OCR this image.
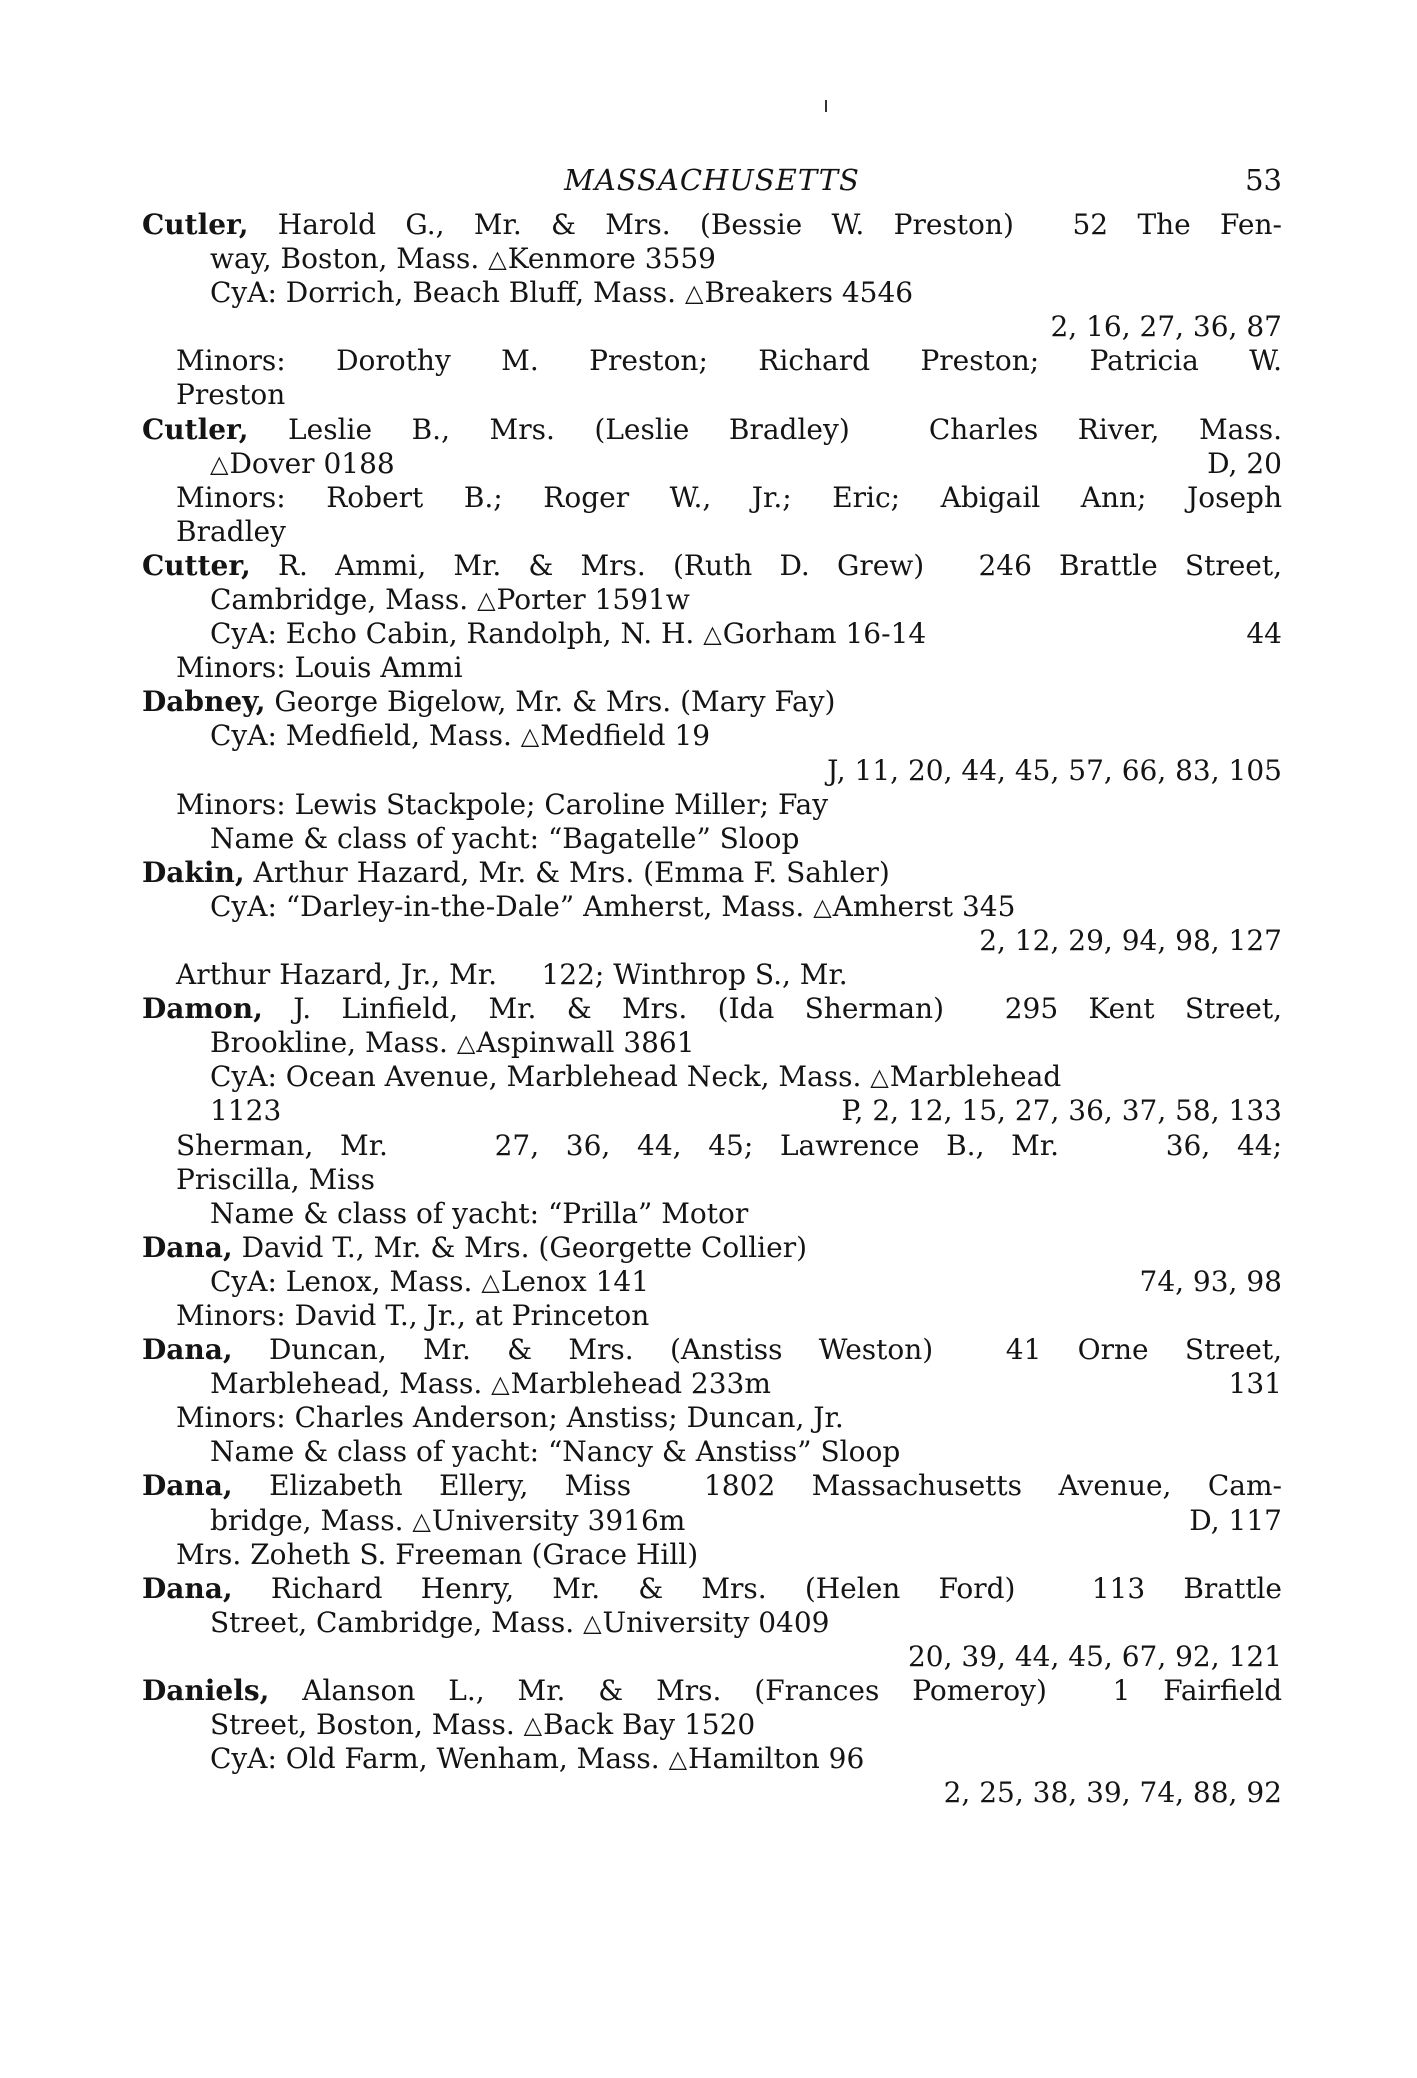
MASSACHUSETTS	53
Cutler, Harold G., Mr. & Mrs. (Bessie W. Preston)  52 The Fen-
way, Boston, Mass. △Kenmore 3559
CyA: Dorrich, Beach Bluff, Mass. △Breakers 4546
2, 16, 27, 36, 87
Minors: Dorothy M. Preston; Richard Preston; Patricia W.
Preston
Cutler, Leslie B., Mrs. (Leslie Bradley)  Charles River, Mass.
△Dover 0188	D, 20
Minors: Robert B.; Roger W., Jr.; Eric; Abigail Ann; Joseph
Bradley
Cutter, R. Ammi, Mr. & Mrs. (Ruth D. Grew)  246 Brattle Street,
Cambridge, Mass. △Porter 1591w
CyA: Echo Cabin, Randolph, N. H. △Gorham 16-14	44
Minors: Louis Ammi
Dabney, George Bigelow, Mr. & Mrs. (Mary Fay)
CyA: Medfield, Mass. △Medfield 19
J, 11, 20, 44, 45, 57, 66, 83, 105
Minors: Lewis Stackpole; Caroline Miller; Fay
Name & class of yacht: “Bagatelle” Sloop
Dakin, Arthur Hazard, Mr. & Mrs. (Emma F. Sahler)
CyA: “Darley-in-the-Dale” Amherst, Mass. △Amherst 345
2, 12, 29, 94, 98, 127
Arthur Hazard, Jr., Mr.     122; Winthrop S., Mr.
Damon, J. Linfield, Mr. & Mrs. (Ida Sherman)  295 Kent Street,
Brookline, Mass. △Aspinwall 3861
CyA: Ocean Avenue, Marblehead Neck, Mass. △Marblehead
1123	P, 2, 12, 15, 27, 36, 37, 58, 133
Sherman, Mr.    27, 36, 44, 45; Lawrence B., Mr.    36, 44;
Priscilla, Miss
Name & class of yacht: “Prilla” Motor
Dana, David T., Mr. & Mrs. (Georgette Collier)
CyA: Lenox, Mass. △Lenox 141	74, 93, 98
Minors: David T., Jr., at Princeton
Dana, Duncan, Mr. & Mrs. (Anstiss Weston)  41 Orne Street,
Marblehead, Mass. △Marblehead 233m	131
Minors: Charles Anderson; Anstiss; Duncan, Jr.
Name & class of yacht: “Nancy & Anstiss” Sloop
Dana, Elizabeth Ellery, Miss  1802 Massachusetts Avenue, Cam-
bridge, Mass. △University 3916m	D, 117
Mrs. Zoheth S. Freeman (Grace Hill)
Dana, Richard Henry, Mr. & Mrs. (Helen Ford)  113 Brattle
Street, Cambridge, Mass. △University 0409
20, 39, 44, 45, 67, 92, 121
Daniels, Alanson L., Mr. & Mrs. (Frances Pomeroy)  1 Fairfield
Street, Boston, Mass. △Back Bay 1520
CyA: Old Farm, Wenham, Mass. △Hamilton 96
2, 25, 38, 39, 74, 88, 92
